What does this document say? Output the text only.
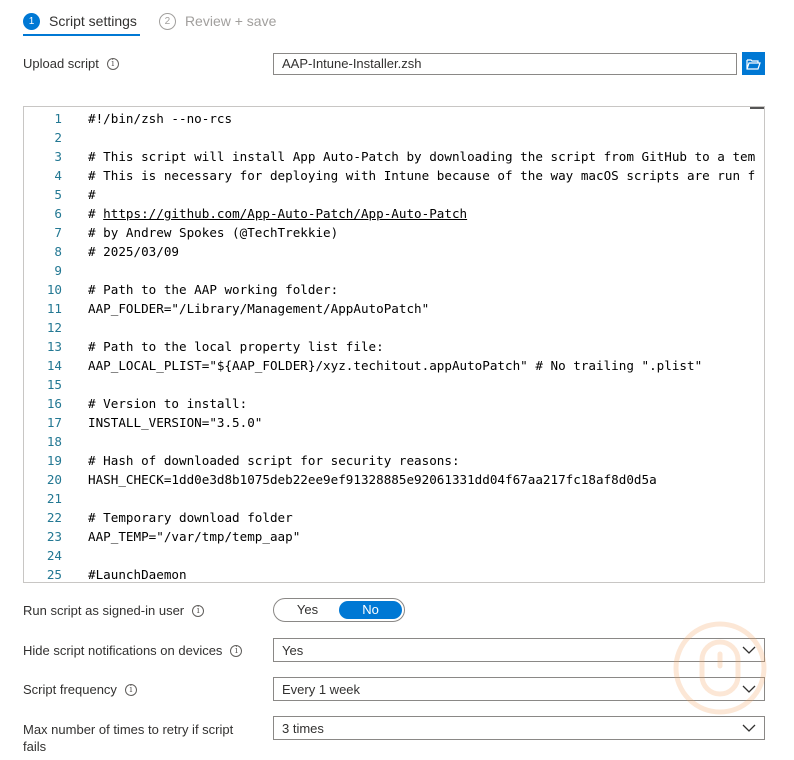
1	Script settings	2	Review + save
Upload script	i	AAP-Intune-Installer.zsh
1 #!/bin/zsh --no-rcs
2
3 # This script will install App Auto-Patch by downloading the script from GitHub to a tem
4 # This is necessary for deploying with Intune because of the way macOS scripts are run f
5 #
6 # https://github.com/App-Auto-Patch/App-Auto-Patch
7 # by Andrew Spokes (@TechTrekkie)
8 # 2025/03/09
9
10 # Path to the AAP working folder:
11 AAP_FOLDER="/Library/Management/AppAutoPatch"
12
13 # Path to the local property list file:
14 AAP_LOCAL_PLIST="${AAP_FOLDER}/xyz.techitout.appAutoPatch" # No trailing ".plist"
15
16 # Version to install:
17 INSTALL_VERSION="3.5.0"
18
19 # Hash of downloaded script for security reasons:
20 HASH_CHECK=1dd0e3d8b1075deb22ee9ef91328885e92061331dd04f67aa217fc18af8d0d5a
21
22 # Temporary download folder
23 AAP_TEMP="/var/tmp/temp_aap"
24
25 #LaunchDaemon
Run script as signed-in user	i	Yes	No
Hide script notifications on devices	i	Yes
Script frequency	i	Every 1 week
Max number of times to retry if script
fails
3 times
